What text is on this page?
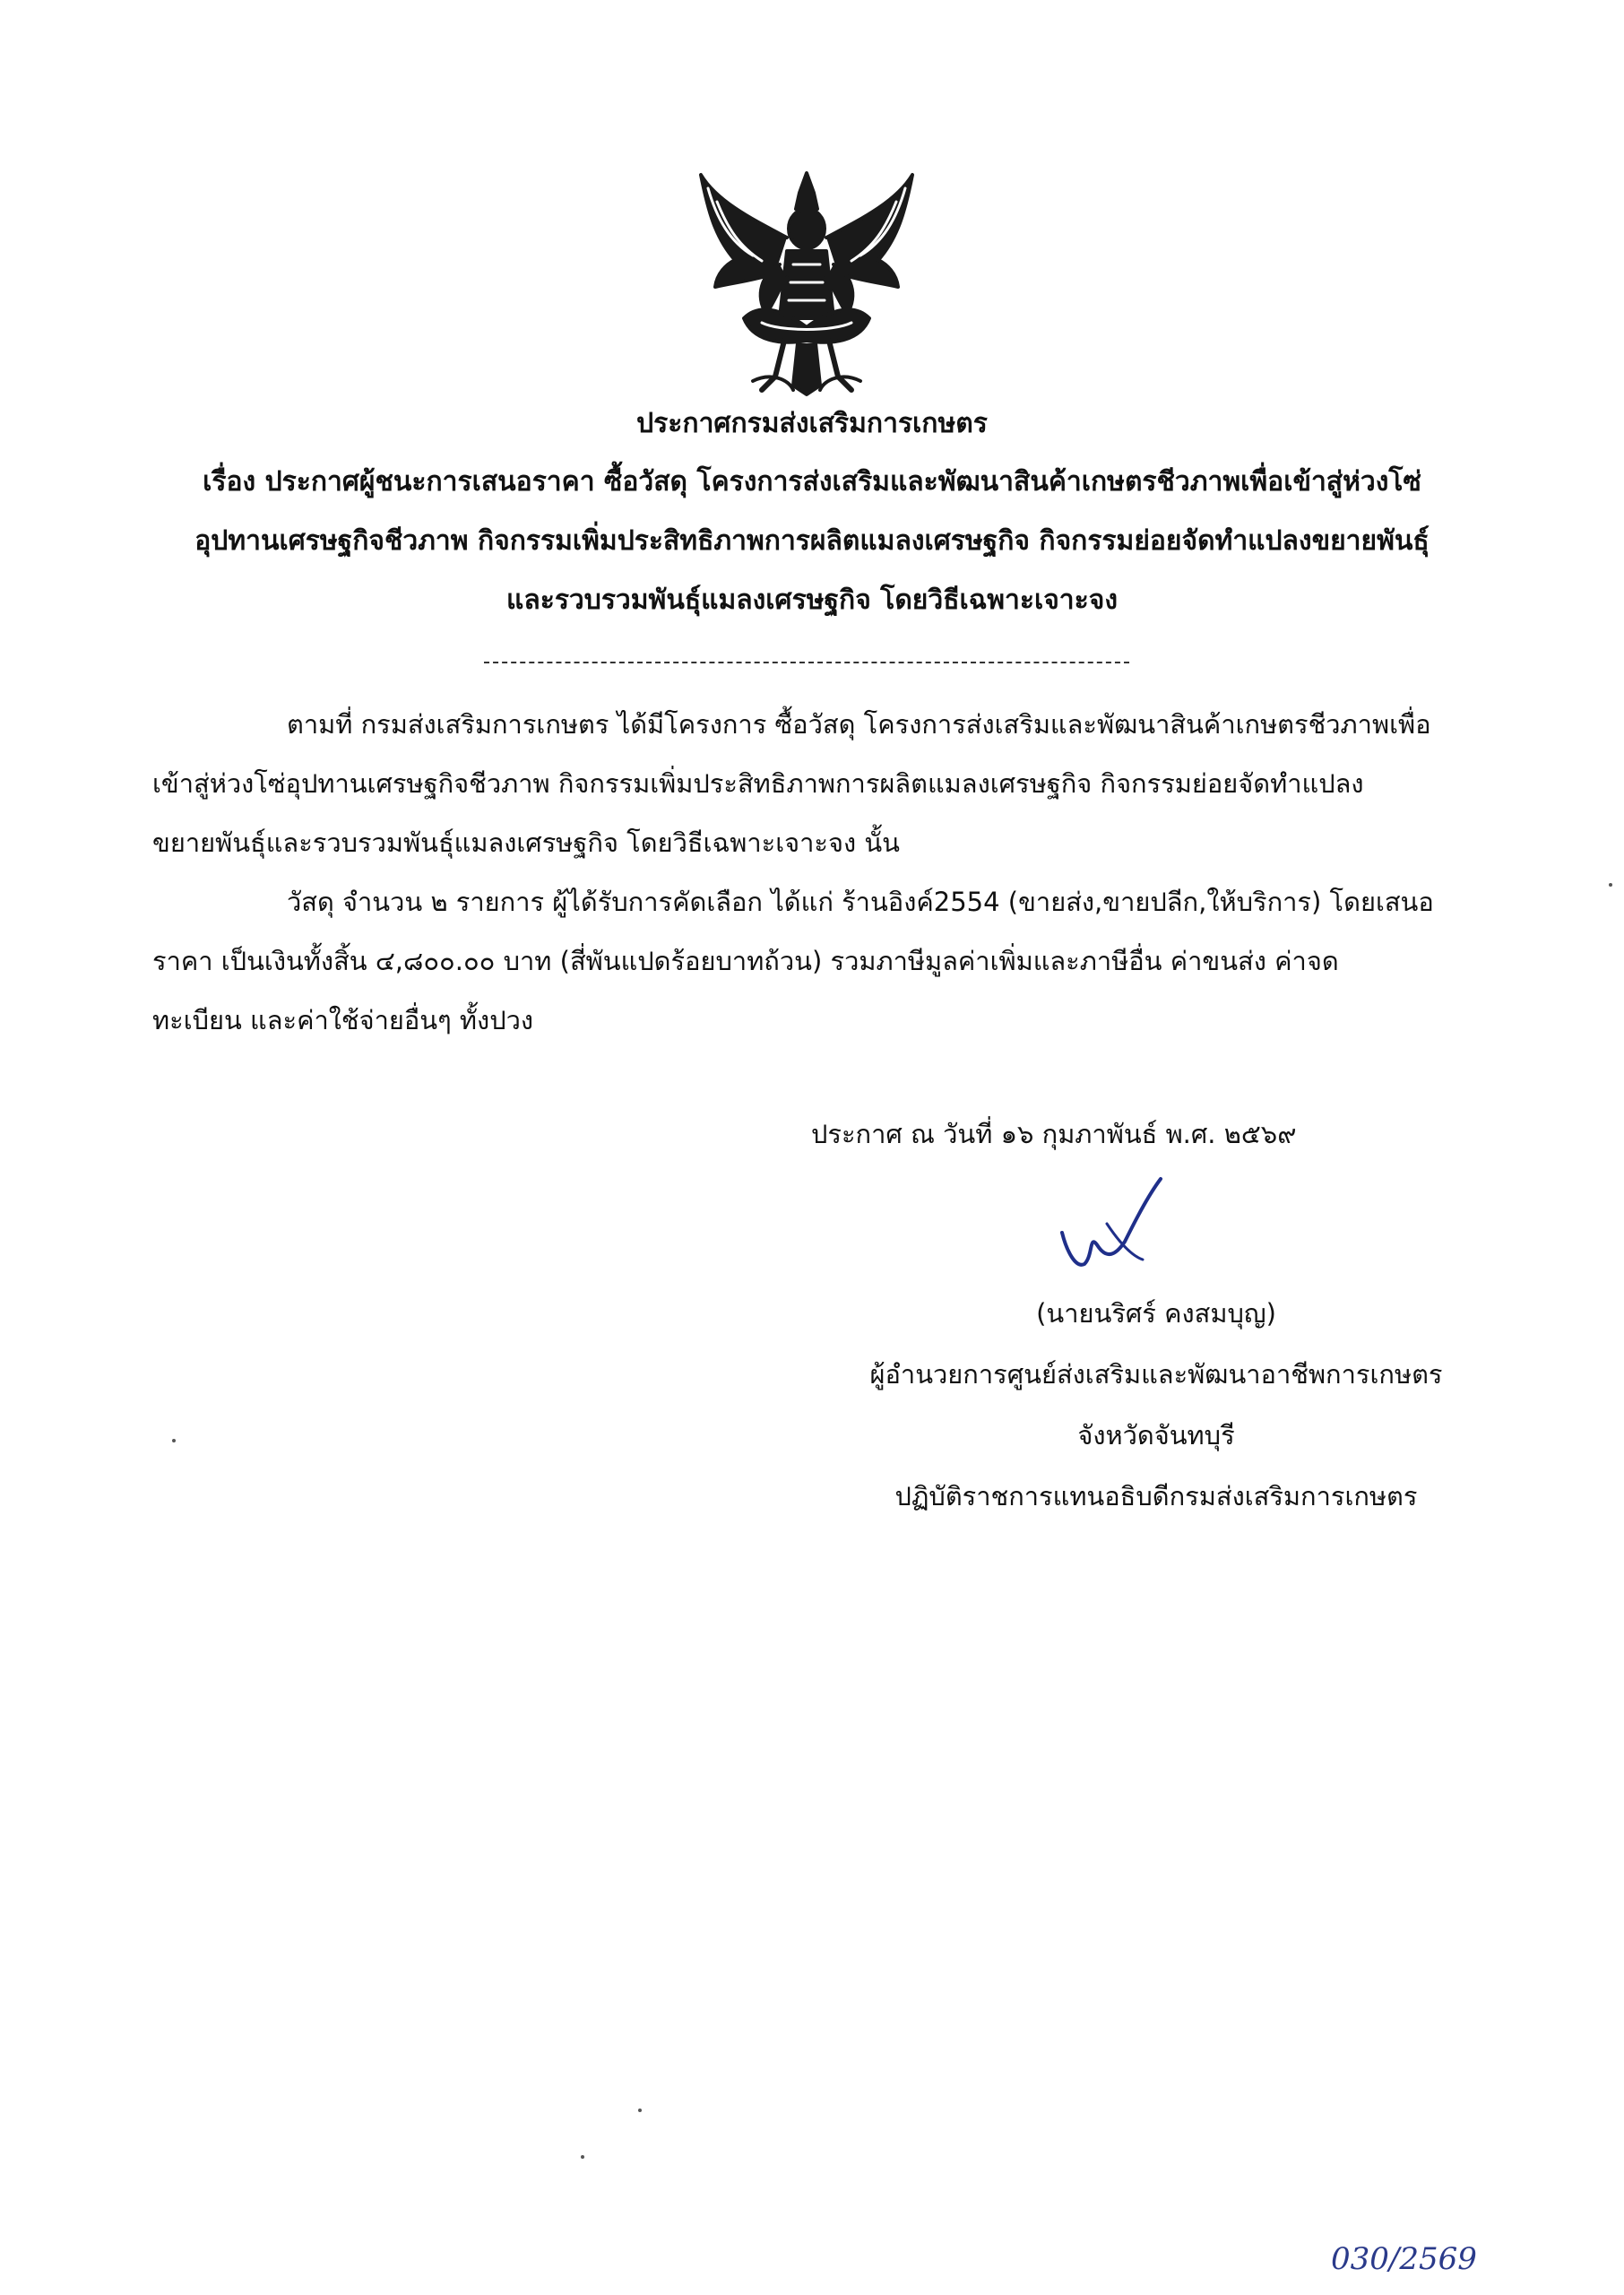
ประกาศกรมส่งเสริมการเกษตร
เรื่อง ประกาศผู้ชนะการเสนอราคา ซื้อวัสดุ โครงการส่งเสริมและพัฒนาสินค้าเกษตรชีวภาพเพื่อเข้าสู่ห่วงโซ่
อุปทานเศรษฐกิจชีวภาพ กิจกรรมเพิ่มประสิทธิภาพการผลิตแมลงเศรษฐกิจ กิจกรรมย่อยจัดทำแปลงขยายพันธุ์
และรวบรวมพันธุ์แมลงเศรษฐกิจ โดยวิธีเฉพาะเจาะจง
ตามที่ กรมส่งเสริมการเกษตร ได้มีโครงการ ซื้อวัสดุ โครงการส่งเสริมและพัฒนาสินค้าเกษตรชีวภาพเพื่อ
เข้าสู่ห่วงโซ่อุปทานเศรษฐกิจชีวภาพ กิจกรรมเพิ่มประสิทธิภาพการผลิตแมลงเศรษฐกิจ กิจกรรมย่อยจัดทำแปลง
ขยายพันธุ์และรวบรวมพันธุ์แมลงเศรษฐกิจ โดยวิธีเฉพาะเจาะจง นั้น
วัสดุ จำนวน ๒ รายการ ผู้ได้รับการคัดเลือก ได้แก่ ร้านอิงค์2554 (ขายส่ง,ขายปลีก,ให้บริการ) โดยเสนอ
ราคา เป็นเงินทั้งสิ้น ๔,๘๐๐.๐๐ บาท (สี่พันแปดร้อยบาทถ้วน) รวมภาษีมูลค่าเพิ่มและภาษีอื่น ค่าขนส่ง ค่าจด
ทะเบียน และค่าใช้จ่ายอื่นๆ ทั้งปวง
ประกาศ ณ วันที่ ๑๖ กุมภาพันธ์ พ.ศ. ๒๕๖๙
(นายนริศร์ คงสมบุญ)
ผู้อำนวยการศูนย์ส่งเสริมและพัฒนาอาชีพการเกษตร
จังหวัดจันทบุรี
ปฏิบัติราชการแทนอธิบดีกรมส่งเสริมการเกษตร
030/2569
